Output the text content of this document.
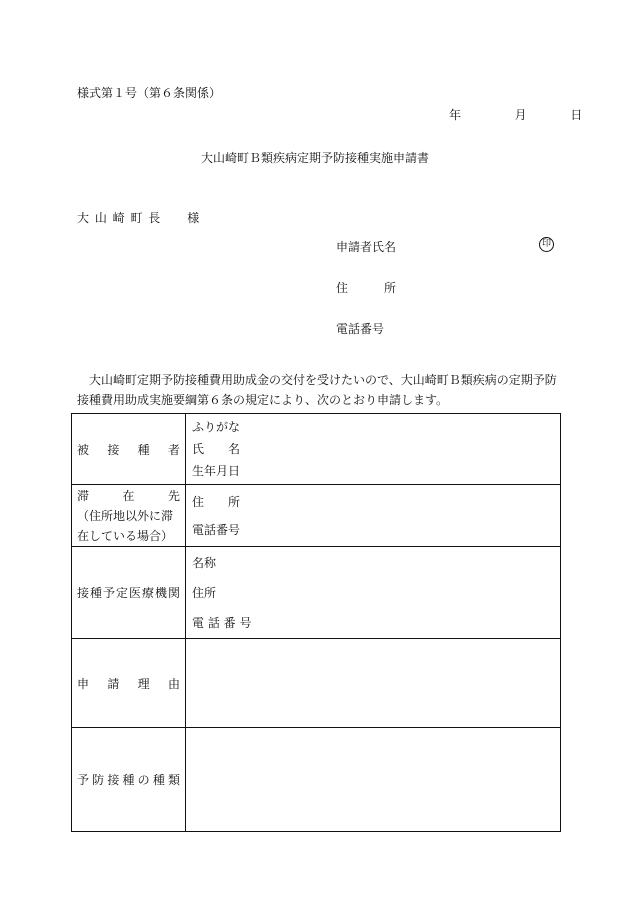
様式第１号（第６条関係）
年	月	日
大山崎町Ｂ類疾病定期予防接種実施申請書
大 山 崎 町 長　　様
申請者氏名	印
住　　　所
電話番号

大山崎町定期予防接種費用助成金の交付を受けたいので、大山崎町Ｂ類疾病の定期予防

接種費用助成実施要綱第６条の規定により、次のとおり申請します。
被接種者	ふりがな
氏　　名
生年月日

滞在先
（住所地以外に滞
在している場合）	住　　所
電話番号

接種予定医療機関	名称
住所
電 話 番 号

申請理由	

予防接種の種類	
